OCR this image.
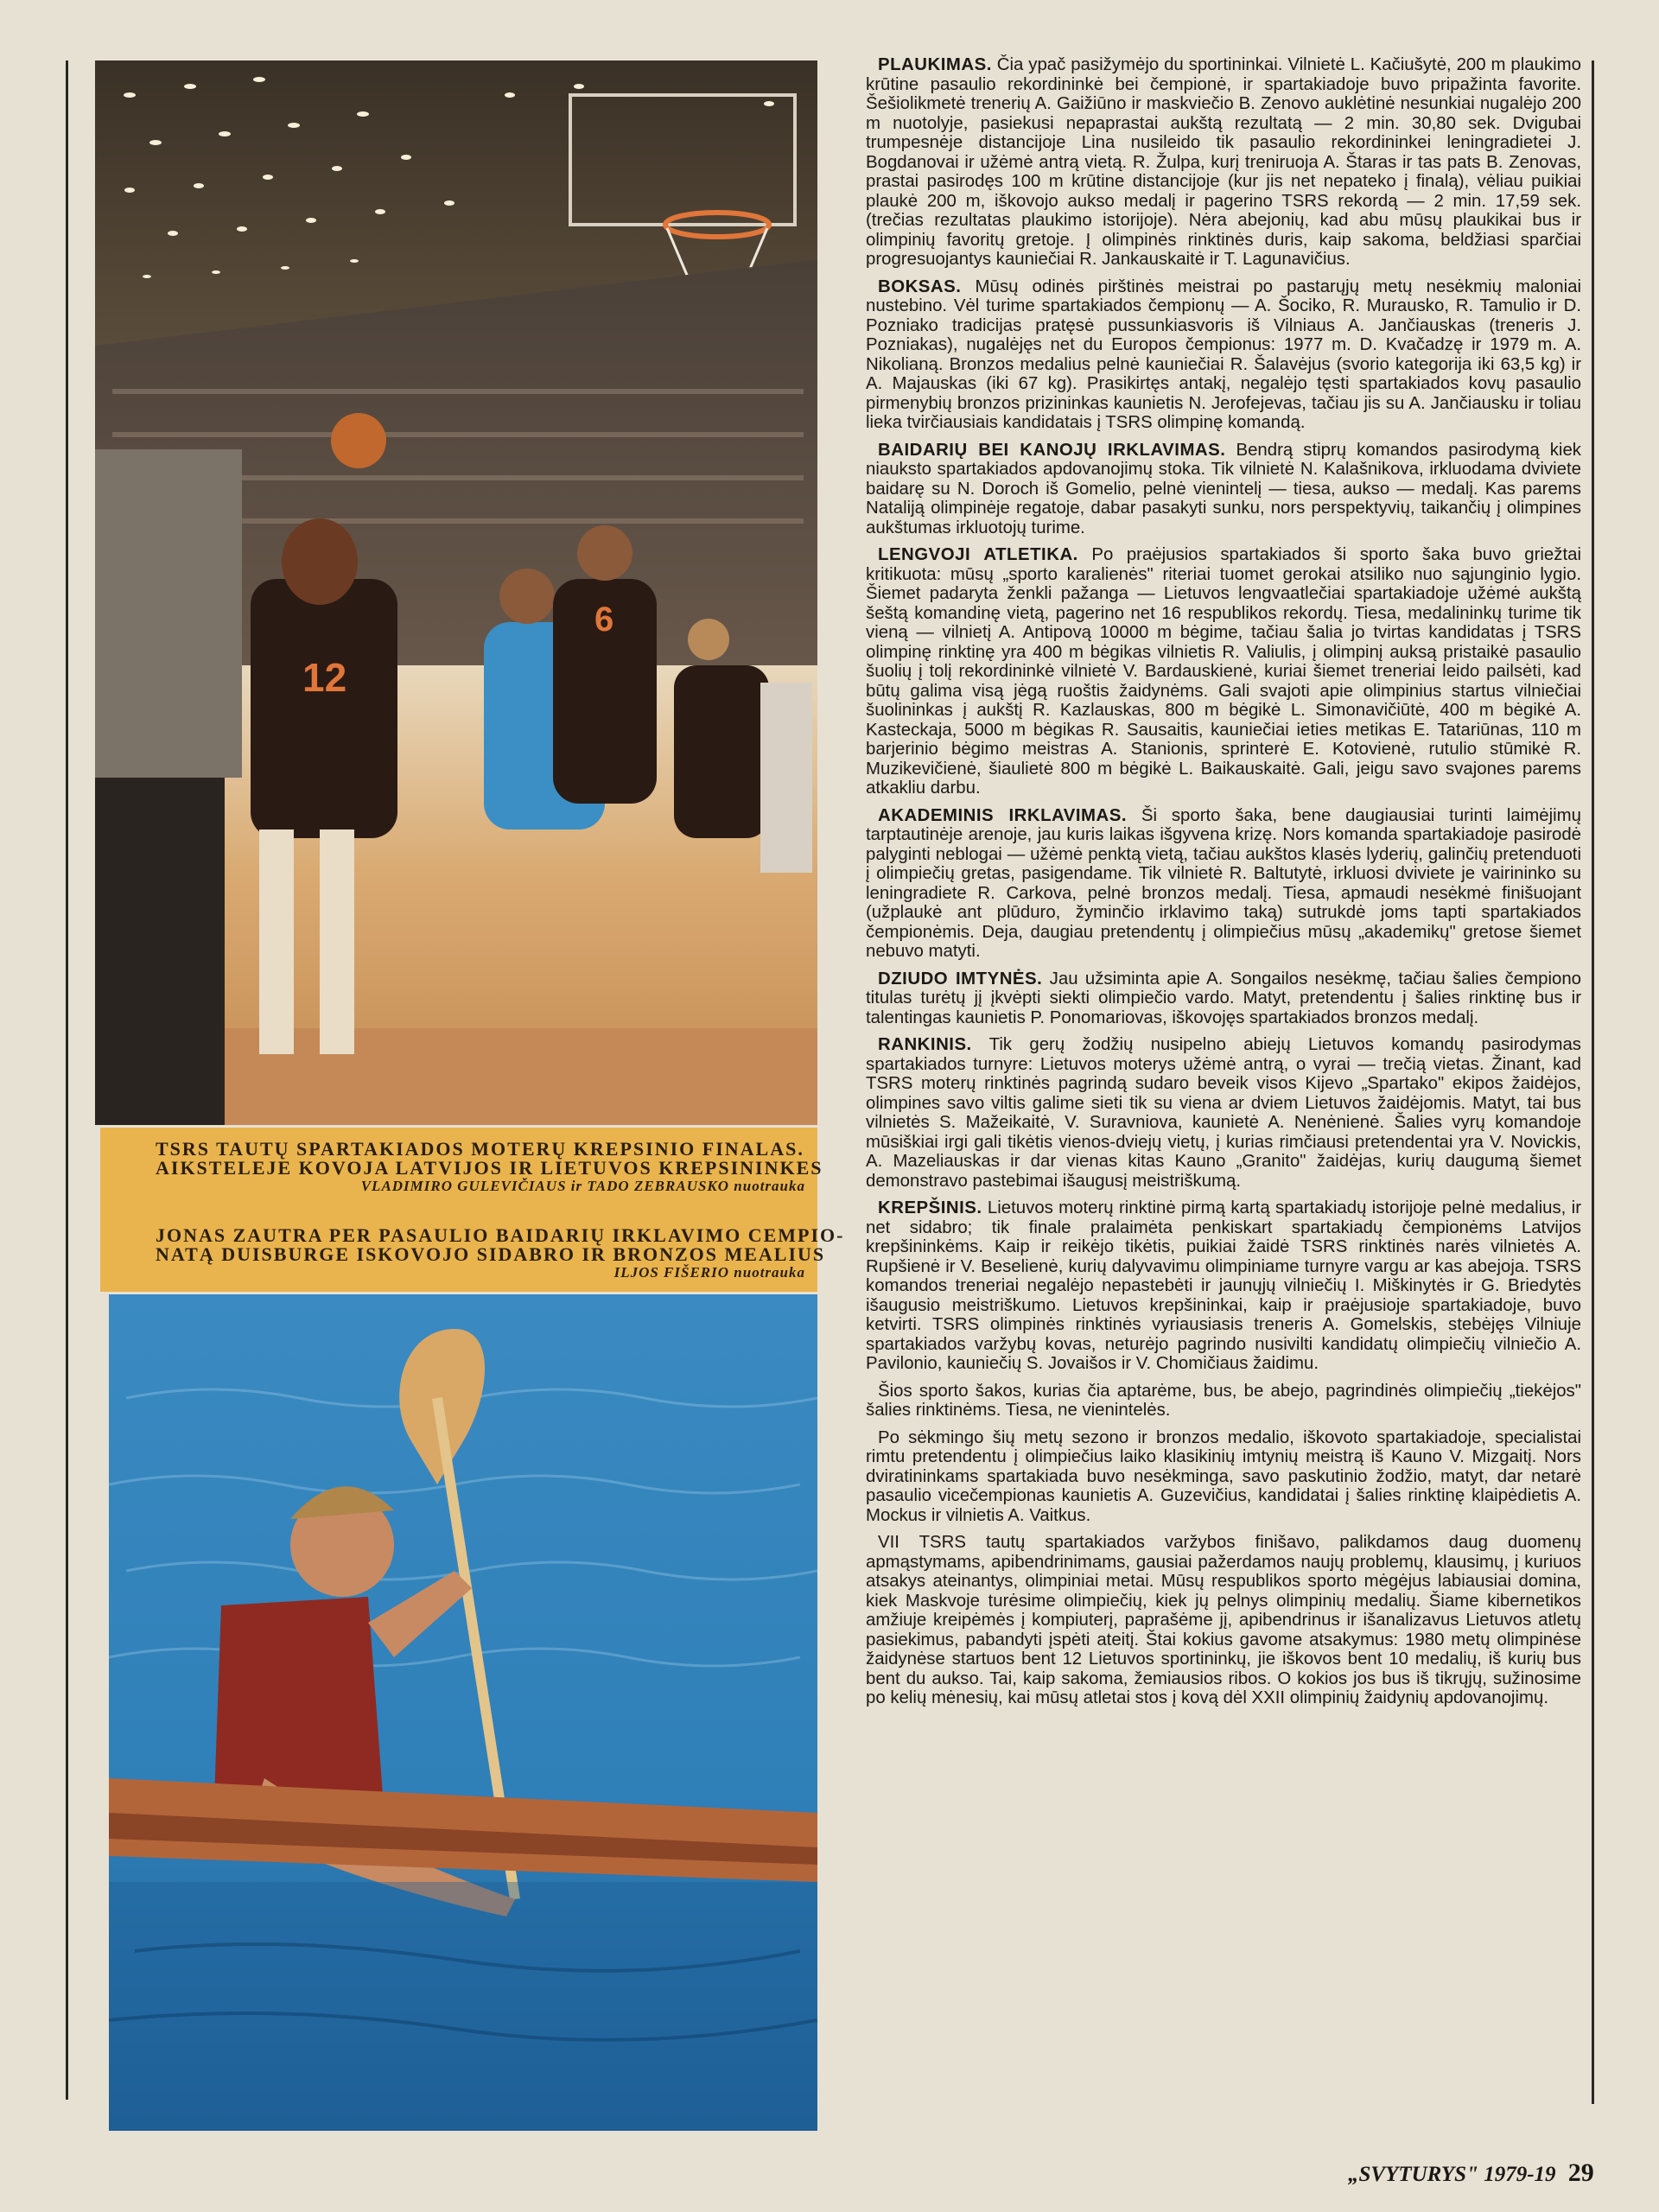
12
6
TSRS TAUTŲ SPARTAKIADOS MOTERŲ KREPSINIO FINALAS.
AIKSTELEJE KOVOJA LATVIJOS IR LIETUVOS KREPSININKES
VLADIMIRO GULEVIČIAUS ir TADO ZEBRAUSKO nuotrauka
JONAS ZAUTRA PER PASAULIO BAIDARIŲ IRKLAVIMO CEMPIO-
NATĄ DUISBURGE ISKOVOJO SIDABRO IR BRONZOS MEALIUS
ILJOS FIŠERIO nuotrauka

PLAUKIMAS. Čia ypač pasižymėjo du sportininkai. Vilnietė L. Kačiušytė, 200 m plaukimo krūtine pasaulio rekordininkė bei čempionė, ir spartakiadoje buvo pripažinta favorite. Šešiolikmetė trenerių A. Gaižiūno ir maskviečio B. Zenovo auklėtinė nesunkiai nugalėjo 200 m nuotolyje, pasiekusi nepaprastai aukštą rezultatą — 2 min. 30,80 sek. Dvigubai trumpesnėje distancijoje Lina nusileido tik pasaulio rekordininkei leningradietei J. Bogdanovai ir užėmė antrą vietą. R. Žulpa, kurį treniruoja A. Štaras ir tas pats B. Zenovas, prastai pasirodęs 100 m krūtine distancijoje (kur jis net nepateko į finalą), vėliau puikiai plaukė 200 m, iškovojo aukso medalį ir pagerino TSRS rekordą — 2 min. 17,59 sek. (trečias rezultatas plaukimo istorijoje). Nėra abejonių, kad abu mūsų plaukikai bus ir olimpinių favoritų gretoje. Į olimpinės rinktinės duris, kaip sakoma, beldžiasi sparčiai progresuojantys kauniečiai R. Jankauskaitė ir T. Lagunavičius.

BOKSAS. Mūsų odinės pirštinės meistrai po pastarųjų metų nesėkmių maloniai nustebino. Vėl turime spartakiados čempionų — A. Šociko, R. Murausko, R. Tamulio ir D. Pozniako tradicijas pratęsė pussunkiasvoris iš Vilniaus A. Jančiauskas (treneris J. Pozniakas), nugalėjęs net du Europos čempionus: 1977 m. D. Kvačadzę ir 1979 m. A. Nikolianą. Bronzos medalius pelnė kauniečiai R. Šalavėjus (svorio kategorija iki 63,5 kg) ir A. Majauskas (iki 67 kg). Prasikirtęs antakį, negalėjo tęsti spartakiados kovų pasaulio pirmenybių bronzos prizininkas kaunietis N. Jerofejevas, tačiau jis su A. Jančiausku ir toliau lieka tvirčiausiais kandidatais į TSRS olimpinę komandą.

BAIDARIŲ BEI KANOJŲ IRKLAVIMAS. Bendrą stiprų komandos pasirodymą kiek niaukstо spartakiados apdovanojimų stoka. Tik vilnietė N. Kalašnikova, irkluodama dviviete baidarę su N. Doroch iš Gomelio, pelnė vienintelį — tiesa, aukso — medalį. Kas parems Nataliją olimpinėje regatoje, dabar pasakyti sunku, nors perspektyvių, taikančių į olimpines aukštumas irkluotojų turime.

LENGVOJI ATLETIKA. Po praėjusios spartakiados ši sporto šaka buvo griežtai kritikuota: mūsų „sporto karalienės" riteriai tuomet gerokai atsiliko nuo sąjunginio lygio. Šiemet padaryta ženkli pažanga — Lietuvos lengvaatlečiai spartakiadoje užėmė aukštą šeštą komandinę vietą, pagerino net 16 respublikos rekordų. Tiesa, medalininkų turime tik vieną — vilnietį A. Antipovą 10000 m bėgime, tačiau šalia jo tvirtas kandidatas į TSRS olimpinę rinktinę yra 400 m bėgikas vilnietis R. Valiulis, į olimpinį auksą pristaikė pasaulio šuolių į tolį rekordininkė vilnietė V. Bardauskienė, kuriai šiemet treneriai leido pailsėti, kad būtų galima visą jėgą ruoštis žaidynėms. Gali svajoti apie olimpinius startus vilniečiai šuolininkas į aukštį R. Kazlauskas, 800 m bėgikė L. Simonavičiūtė, 400 m bėgikė A. Kasteckaja, 5000 m bėgikas R. Sausaitis, kauniečiai ieties metikas E. Tatariūnas, 110 m barjerinio bėgimo meistras A. Stanionis, sprinterė E. Kotovienė, rutulio stūmikė R. Muzikevičienė, šiaulietė 800 m bėgikė L. Baikauskaitė. Gali, jeigu savo svajones parems atkakliu darbu.

AKADEMINIS IRKLAVIMAS. Ši sporto šaka, bene daugiausiai turinti laimėjimų tarptautinėje arenoje, jau kuris laikas išgyvena krizę. Nors komanda spartakiadoje pasirodė palyginti neblogai — užėmė penktą vietą, tačiau aukštos klasės lyderių, galinčių pretenduoti į olimpiečių gretas, pasigendame. Tik vilnietė R. Baltutytė, irkluosi dviviete је vairininko su leningradiete R. Carkova, pelnė bronzos medalį. Tiesa, apmaudi nesėkmė finišuojant (užplaukė ant plūduro, žyminčio irklavimo taką) sutrukdė joms tapti spartakiados čempionėmis. Deja, daugiau pretendentų į olimpiečius mūsų „akademikų" gretose šiemet nebuvo matyti.

DZIUDO IMTYNĖS. Jau užsiminta apie A. Songailos nesėkmę, tačiau šalies čempiono titulas turėtų jį įkvėpti siekti olimpiečio vardo. Matyt, pretendentu į šalies rinktinę bus ir talentingas kaunietis P. Ponomariovas, iškovojęs spartakiados bronzos medalį.

RANKINIS. Tik gerų žodžių nusipelno abiejų Lietuvos komandų pasirodymas spartakiados turnyre: Lietuvos moterys užėmė antrą, o vyrai — trečią vietas. Žinant, kad TSRS moterų rinktinės pagrindą sudaro beveik visos Kijevo „Spartako" ekipos žaidėjos, olimpines savo viltis galime sieti tik su viena ar dviem Lietuvos žaidėjomis. Matyt, tai bus vilnietės S. Mažeikaitė, V. Suravniova, kaunietė A. Nenėnienė. Šalies vyrų komandoje mūsiškiai irgi gali tikėtis vienos-dviejų vietų, į kurias rimčiausi pretendentai yra V. Novickis, A. Mazeliauskas ir dar vienas kitas Kauno „Granito" žaidėjas, kurių daugumą šiemet demonstravo pastebimai išaugusį meistriškumą.

KREPŠINIS. Lietuvos moterų rinktinė pirmą kartą spartakiadų istorijoje pelnė medalius, ir net sidabro; tik finale pralaimėta penkiskart spartakiadų čempionėms Latvijos krepšininkėms. Kaip ir reikėjo tikėtis, puikiai žaidė TSRS rinktinės narės vilnietės A. Rupšienė ir V. Beselienė, kurių dalyvavimu olimpiniame turnyre vargu ar kas abejoja. TSRS komandos treneriai negalėjo nepastebėti ir jaunųjų vilniečių I. Miškinytės ir G. Briedytės išaugusio meistriškumo. Lietuvos krepšininkai, kaip ir praėjusioje spartakiadoje, buvo ketvirti. TSRS olimpinės rinktinės vyriausiasis treneris A. Gomelskis, stebėjęs Vilniuje spartakiados varžybų kovas, neturėjo pagrindo nusivilti kandidatų olimpiečių vilniečio A. Pavilonio, kauniečių S. Jovaišos ir V. Chomičiaus žaidimu.

Šios sporto šakos, kurias čia aptarėme, bus, be abejo, pagrindinės olimpiečių „tiekėjos" šalies rinktinėms. Tiesa, ne vienintelės.

Po sėkmingo šių metų sezono ir bronzos medalio, iškovoto spartakiadoje, specialistai rimtu pretendentu į olimpiečius laiko klasikinių imtynių meistrą iš Kauno V. Mizgaitį. Nors dviratininkams spartakiada buvo nesėkminga, savo paskutinio žodžio, matyt, dar netarė pasaulio vicečempionas kaunietis A. Guzevičius, kandidatai į šalies rinktinę klaipėdietis A. Mockus ir vilnietis A. Vaitkus.

VII TSRS tautų spartakiados varžybos finišavo, palikdamos daug duomenų apmąstymams, apibendrinimams, gausiai pažerdamos naujų problemų, klausimų, į kuriuos atsakys ateinantys, olimpiniai metai. Mūsų respublikos sporto mėgėjus labiausiai domina, kiek Maskvoje turėsime olimpiečių, kiek jų pelnys olimpinių medalių. Šiame kibernetikos amžiuje kreipėmės į kompiuterį, paprašėme jį, apibendrinus ir išanalizavus Lietuvos atletų pasiekimus, pabandyti įspėti ateitį. Štai kokius gavome atsakymus: 1980 metų olimpinėse žaidynėse startuos bent 12 Lietuvos sportininkų, jie iškovos bent 10 medalių, iš kurių bus bent du aukso. Tai, kaip sakoma, žemiausios ribos. O kokios jos bus iš tikrųjų, sužinosime po kelių mėnesių, kai mūsų atletai stos į kovą dėl XXII olimpinių žaidynių apdovanojimų.

„SVYTURYS" 1979-19 29
